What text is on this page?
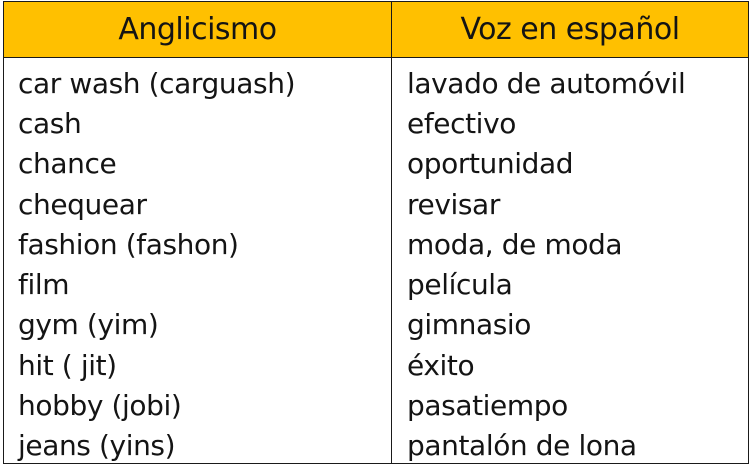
Anglicismo	Voz en español
car wash (carguash)
cash
chance
chequear
fashion (fashon)
film
gym (yim)
hit ( jit)
hobby (jobi)
jeans (yins)
lavado de automóvil
efectivo
oportunidad
revisar
moda, de moda
película
gimnasio
éxito
pasatiempo
pantalón de lona
